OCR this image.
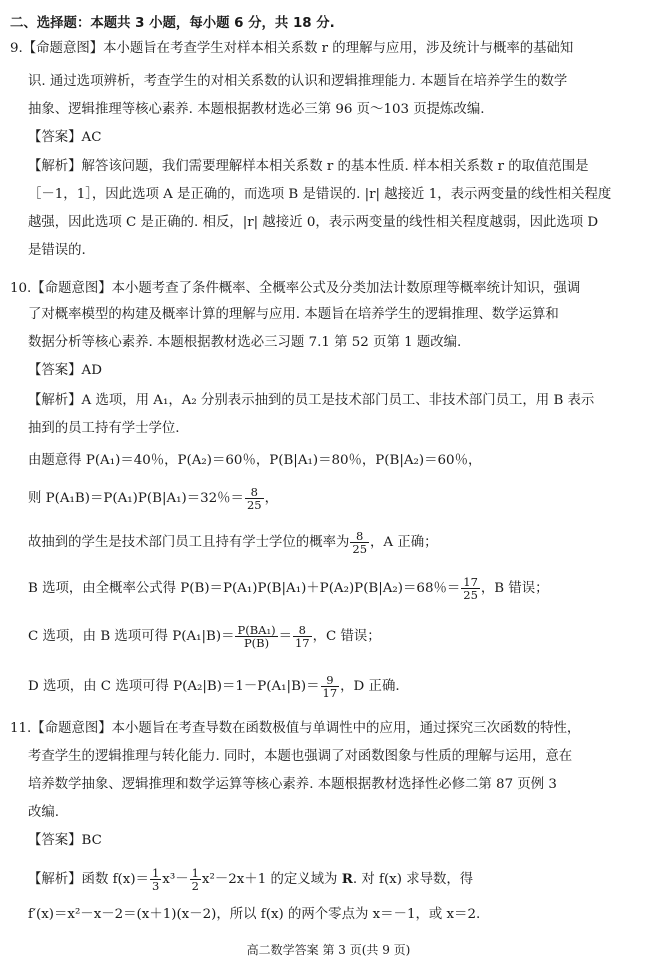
二、选择题：本题共 3 小题，每小题 6 分，共 18 分.
9.【命题意图】本小题旨在考查学生对样本相关系数 r 的理解与应用，涉及统计与概率的基础知
识. 通过选项辨析，考查学生的对相关系数的认识和逻辑推理能力. 本题旨在培养学生的数学
抽象、逻辑推理等核心素养. 本题根据教材选必三第 96 页～103 页提炼改编.
【答案】AC
【解析】解答该问题，我们需要理解样本相关系数 r 的基本性质. 样本相关系数 r 的取值范围是
［－1，1］，因此选项 A 是正确的，而选项 B 是错误的. |r| 越接近 1，表示两变量的线性相关程度
越强，因此选项 C 是正确的. 相反，|r| 越接近 0，表示两变量的线性相关程度越弱，因此选项 D
是错误的.
10.【命题意图】本小题考查了条件概率、全概率公式及分类加法计数原理等概率统计知识，强调
了对概率模型的构建及概率计算的理解与应用. 本题旨在培养学生的逻辑推理、数学运算和
数据分析等核心素养. 本题根据教材选必三习题 7.1 第 52 页第 1 题改编.
【答案】AD
【解析】A 选项，用 A₁，A₂ 分别表示抽到的员工是技术部门员工、非技术部门员工，用 B 表示
抽到的员工持有学士学位.
由题意得 P(A₁)＝40％，P(A₂)＝60％，P(B|A₁)＝80％，P(B|A₂)＝60％，
则 P(A₁B)＝P(A₁)P(B|A₁)＝32％＝ $\frac{8}{25}$ ，
故抽到的学生是技术部门员工且持有学士学位的概率为 $\frac{8}{25}$ ，A 正确；
B 选项，由全概率公式得 P(B)＝P(A₁)P(B|A₁)＋P(A₂)P(B|A₂)＝68％＝ $\frac{17}{25}$ ，B 错误；
C 选项，由 B 选项可得 $P(A_1|B)= \frac{\text{P(BA₁)}}{P(B)} = \frac{8}{17}$ ，C 错误；
D 选项，由 C 选项可得 $P(A_2|B)=1-P(A_1|B)= \frac{9}{17}$ ，D 正确.
11.【命题意图】本小题旨在考查导数在函数极值与单调性中的应用，通过探究三次函数的特性，
考查学生的逻辑推理与转化能力. 同时，本题也强调了对函数图象与性质的理解与运用，意在
培养数学抽象、逻辑推理和数学运算等核心素养. 本题根据教材选择性必修二第 87 页例 3
改编.
【答案】BC
【解析】函数 $f(x)= \frac{1}{3} x^3- \frac{1}{2} x^2-2x+1$ 的定义域为 R. 对 f(x) 求导数，得
f′(x)＝x²－x－2＝(x＋1)(x－2)，所以 f(x) 的两个零点为 x＝－1，或 x＝2.
高二数学答案 第 3 页(共 9 页)
